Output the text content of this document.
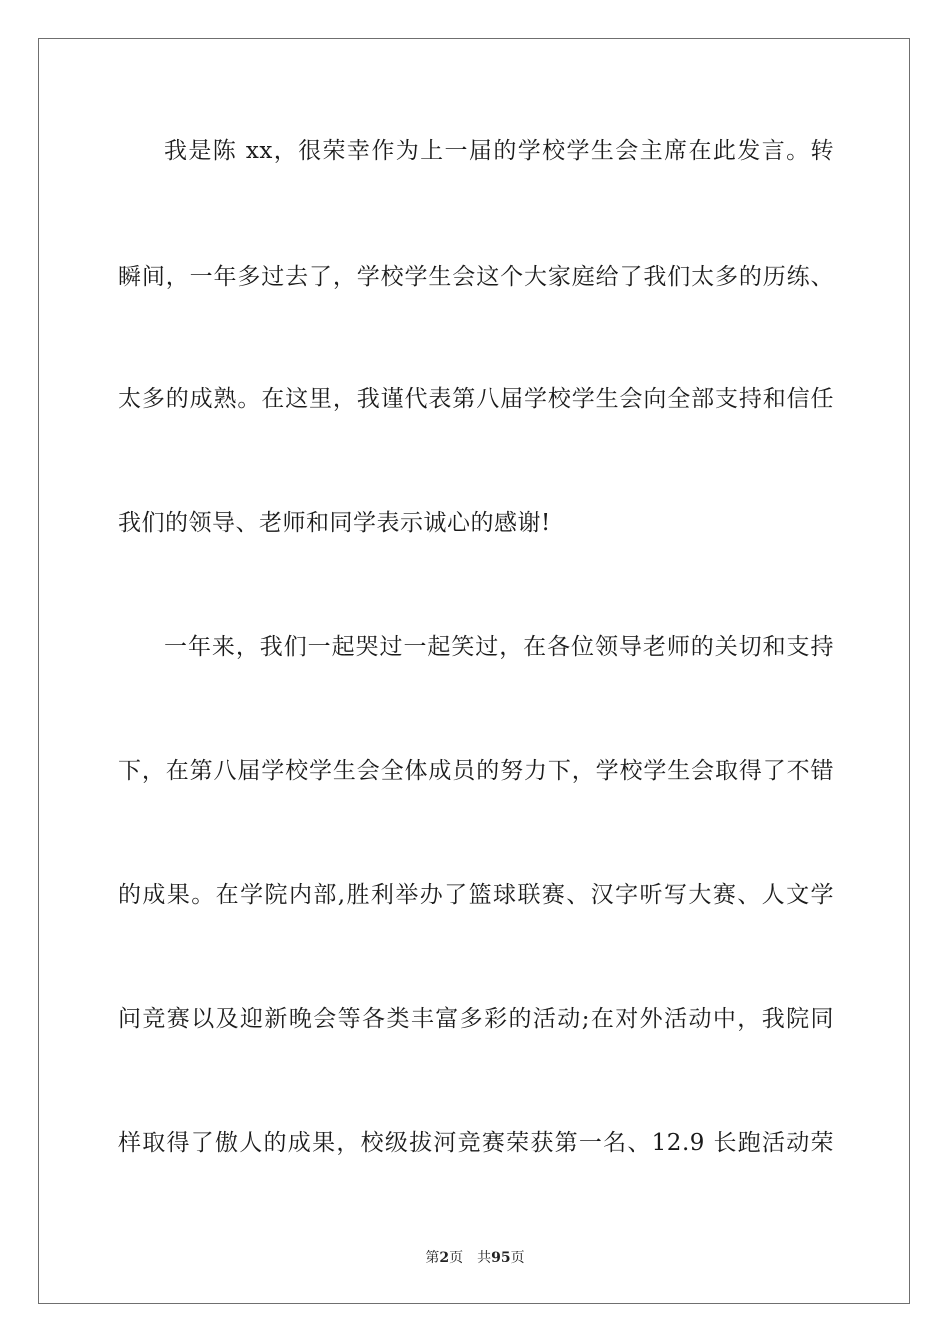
我是陈 xx，很荣幸作为上一届的学校学生会主席在此发言。转
瞬间，一年多过去了，学校学生会这个大家庭给了我们太多的历练、
太多的成熟。在这里，我谨代表第八届学校学生会向全部支持和信任
我们的领导、老师和同学表示诚心的感谢!
一年来，我们一起哭过一起笑过，在各位领导老师的关切和支持
下，在第八届学校学生会全体成员的努力下，学校学生会取得了不错
的成果。在学院内部,胜利举办了篮球联赛、汉字听写大赛、人文学
问竞赛以及迎新晚会等各类丰富多彩的活动;在对外活动中，我院同
样取得了傲人的成果，校级拔河竞赛荣获第一名、12.9 长跑活动荣
第2页 共95页
